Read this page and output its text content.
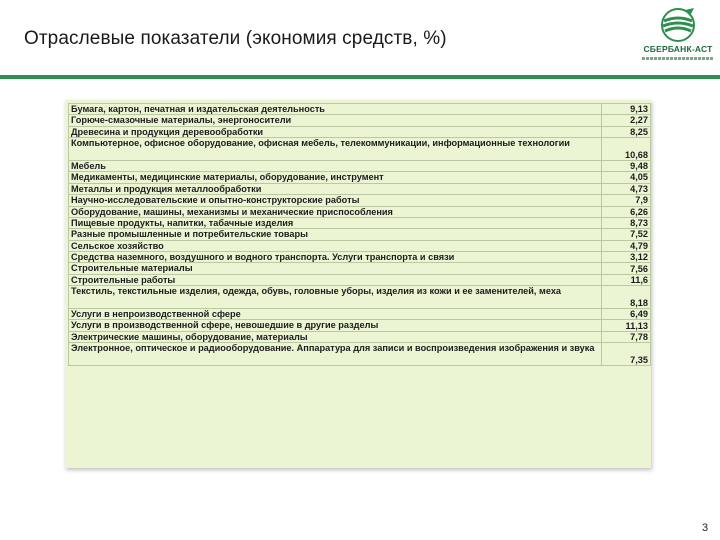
Отраслевые показатели (экономия средств, %)	СБЕРБАНК-АСТ
Бумага, картон, печатная и издательская деятельность	9,13
Горюче-смазочные материалы, энергоносители	2,27
Древесина и продукция деревообработки	8,25
Компьютерное, офисное оборудование, офисная мебель, телекоммуникации, информационные технологии	10,68
Мебель	9,48
Медикаменты, медицинские материалы, оборудование, инструмент	4,05
Металлы и продукция металлообработки	4,73
Научно-исследовательские и опытно-конструкторские работы	7,9
Оборудование, машины, механизмы и механические приспособления	6,26
Пищевые продукты, напитки, табачные изделия	8,73
Разные промышленные и потребительские товары	7,52
Сельское хозяйство	4,79
Средства наземного, воздушного и водного транспорта. Услуги транспорта и связи	3,12
Строительные материалы	7,56
Строительные работы	11,6
Текстиль, текстильные изделия, одежда, обувь, головные уборы, изделия из кожи и ее заменителей, меха	8,18
Услуги в непроизводственной сфере	6,49
Услуги в производственной сфере, невошедшие в другие разделы	11,13
Электрические машины, оборудование, материалы	7,78
Электронное, оптическое и радиооборудование. Аппаратура для записи и воспроизведения изображения и звука	7,35
3
